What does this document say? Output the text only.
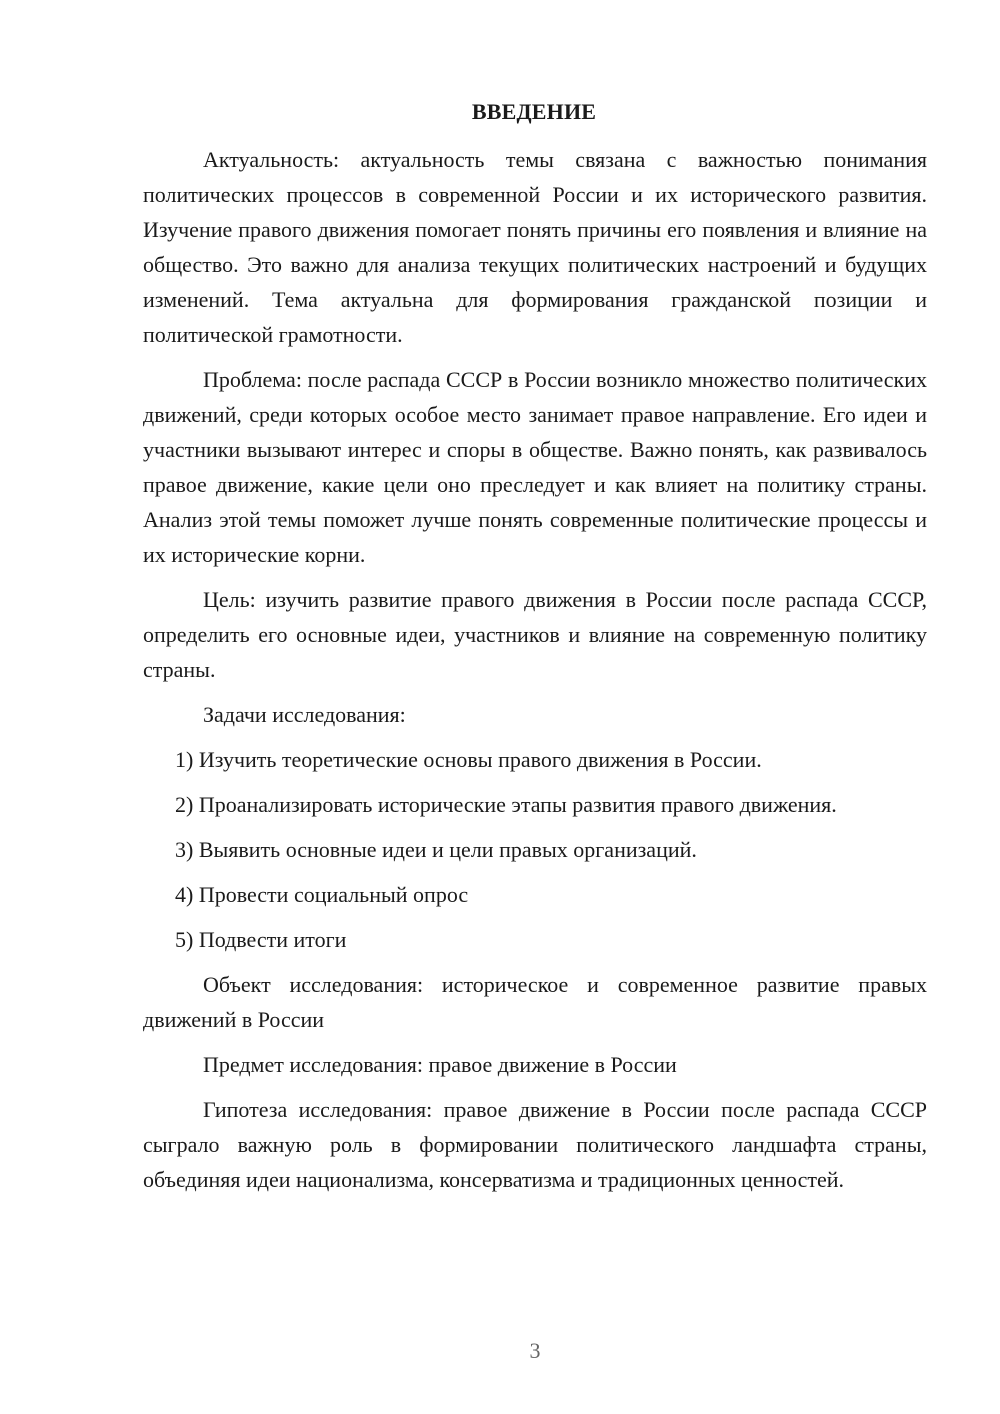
ВВЕДЕНИЕ

Актуальность: актуальность темы связана с важностью понимания политических процессов в современной России и их исторического развития. Изучение правого движения помогает понять причины его появления и влияние на общество. Это важно для анализа текущих политических настроений и будущих изменений. Тема актуальна для формирования гражданской позиции и политической грамотности.

Проблема: после распада СССР в России возникло множество политических движений, среди которых особое место занимает правое направление. Его идеи и участники вызывают интерес и споры в обществе. Важно понять, как развивалось правое движение, какие цели оно преследует и как влияет на политику страны. Анализ этой темы поможет лучше понять современные политические процессы и их исторические корни.

Цель: изучить развитие правого движения в России после распада СССР, определить его основные идеи, участников и влияние на современную политику страны.

Задачи исследования:

1) Изучить теоретические основы правого движения в России.

2) Проанализировать исторические этапы развития правого движения.

3) Выявить основные идеи и цели правых организаций.

4) Провести социальный опрос

5) Подвести итоги

Объект исследования: историческое и современное развитие правых движений в России

Предмет исследования: правое движение в России

Гипотеза исследования: правое движение в России после распада СССР сыграло важную роль в формировании политического ландшафта страны, объединяя идеи национализма, консерватизма и традиционных ценностей.

3
